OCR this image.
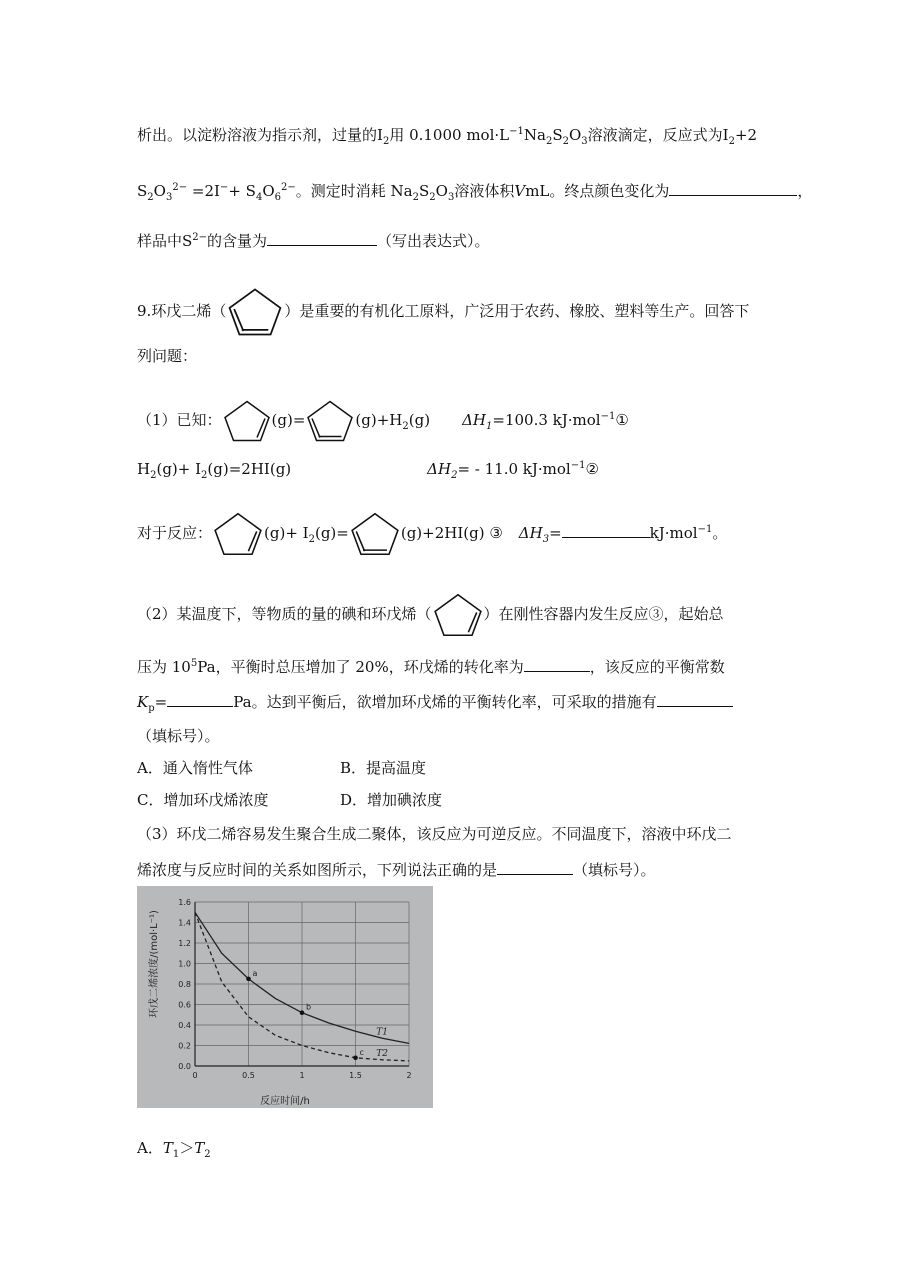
析出。以淀粉溶液为指示剂，过量的$I_2$用 0.1000 $mol\cdot L^{-1}Na_2S_2O_3$溶液滴定，反应式为$I_2+2$
$S_2O_3^{2-} =2I^-+ S_4O_6^{2-}$。测定时消耗 $Na_2S_2O_3$溶液体积VmL。终点颜色变化为	，
样品中$S^{2-}$的含量为	（写出表达式）。
9.环戊二烯（	）是重要的有机化工原料，广泛用于农药、橡胶、塑料等生产。回答下
列问题：
（1）已知：	(g)=	$(g)+H_2(g)$ $\Delta H_1=100.3$ kJ·mol$^{-1}$①
$H_2(g)+ I_2(g)=2HI(g)$	$\Delta H_2= - 11.0$ kJ·mol$^{-1}$②
对于反应：	$(g)+ I_2(g)=$	(g)+2HI(g) ③ $\Delta H_3=$	kJ·mol$^{-1}$。
（2）某温度下，等物质的量的碘和环戊烯（	）在刚性容器内发生反应③，起始总
压为 $10^5Pa$，平衡时总压增加了 20%，环戊烯的转化率为	，该反应的平衡常数
$K_p=$	Pa。达到平衡后，欲增加环戊烯的平衡转化率，可采取的措施有
（填标号）。
A．通入惰性气体	B．提高温度
C．增加环戊烯浓度	D．增加碘浓度
（3）环戊二烯容易发生聚合生成二聚体，该反应为可逆反应。不同温度下，溶液中环戊二
烯浓度与反应时间的关系如图所示，下列说法正确的是	（填标号）。
0.0
0.2
0.4
0.6
0.8
1.0
1.2
1.4
1.6
0	0.5	1	1.5	2
T1
T2
a
b
c
环戊二烯浓度/(mol·L⁻¹)
反应时间/h
A．$T_1>T_2$
